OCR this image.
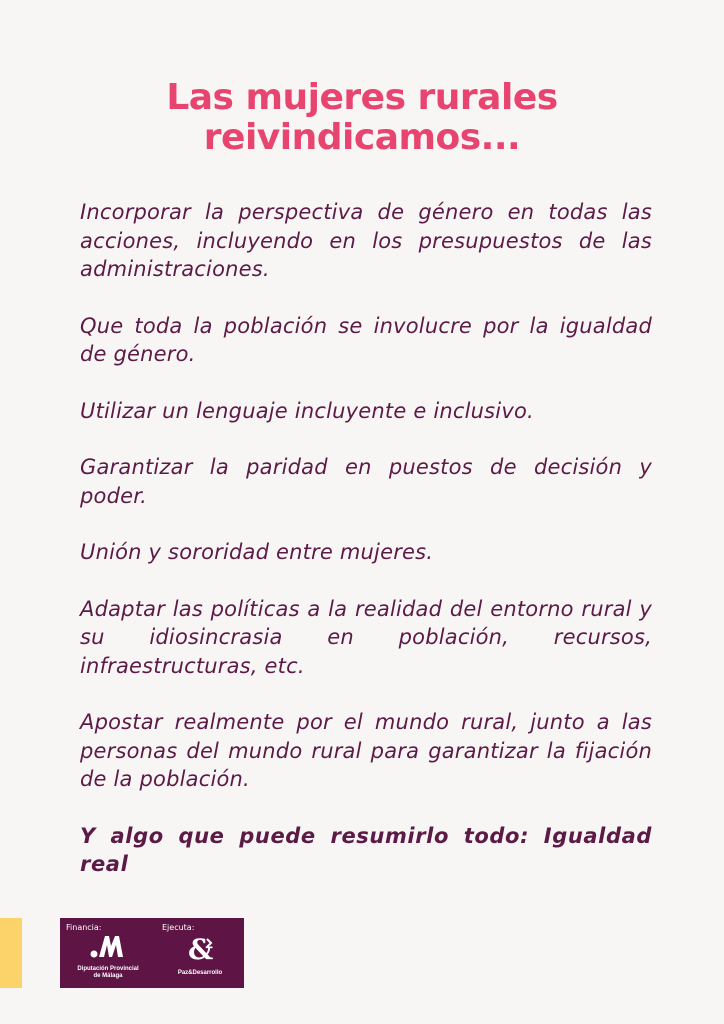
Las mujeres rurales
reivindicamos...

Incorporar la perspectiva de género en todas las acciones, incluyendo en los presupuestos de las administraciones.

Que toda la población se involucre por la igualdad de género.

Utilizar un lenguaje incluyente e inclusivo.

Garantizar la paridad en puestos de decisión y poder.

Unión y sororidad entre mujeres.

Adaptar las políticas a la realidad del entorno rural y su idiosincrasia en población, recursos, infraestructuras, etc.

Apostar realmente por el mundo rural, junto a las personas del mundo rural para garantizar la fijación de la población.

Y algo que puede resumirlo todo: Igualdad real

Financia:
Diputación Provincial
de Málaga
Ejecuta:
&
Paz&Desarrollo
